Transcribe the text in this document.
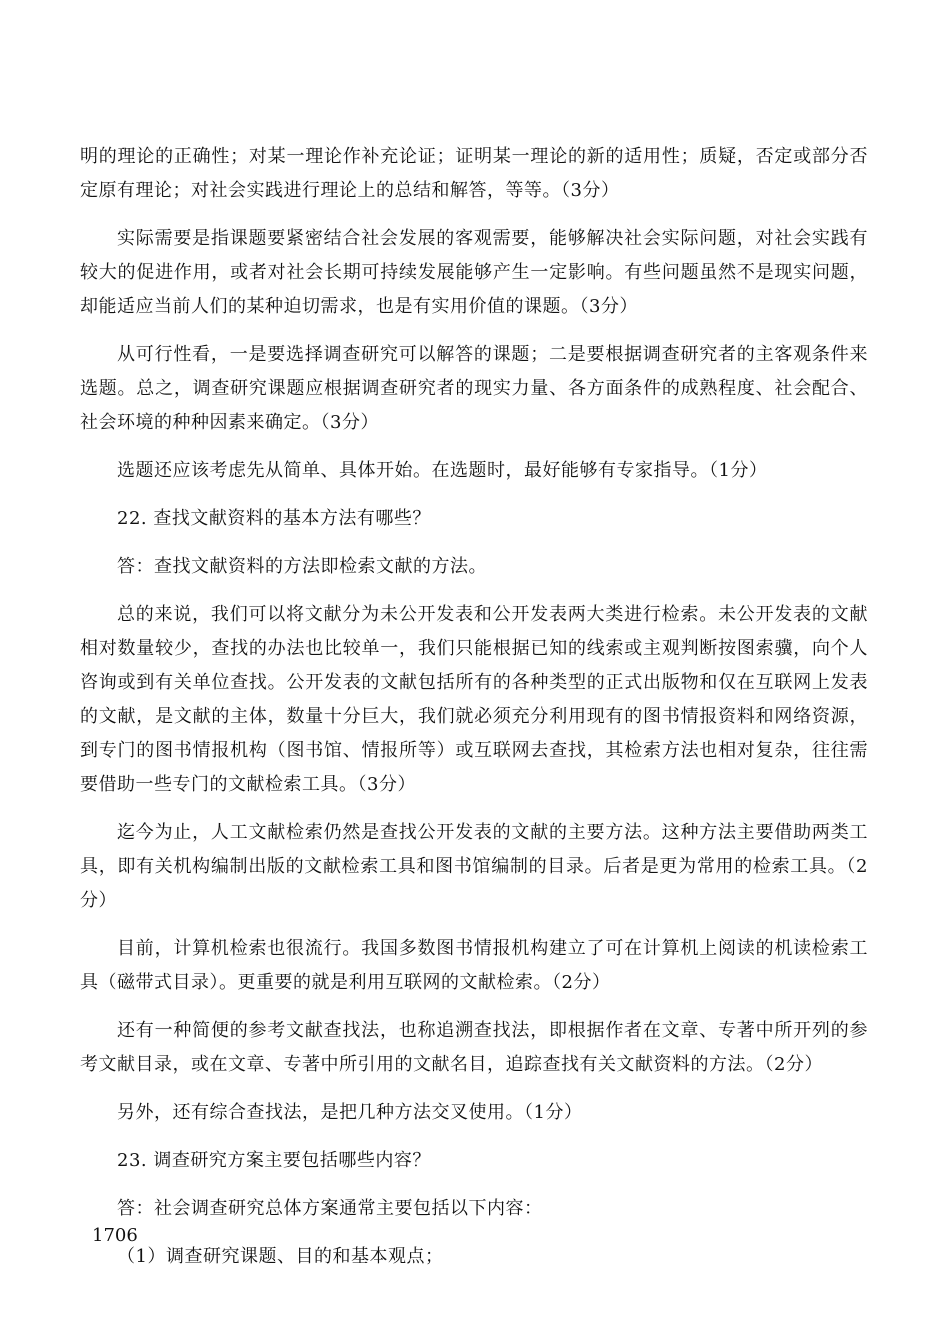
明的理论的正确性；对某一理论作补充论证；证明某一理论的新的适用性；质疑，否定或部分否定原有理论；对社会实践进行理论上的总结和解答，等等。（3分）

实际需要是指课题要紧密结合社会发展的客观需要，能够解决社会实际问题，对社会实践有较大的促进作用，或者对社会长期可持续发展能够产生一定影响。有些问题虽然不是现实问题，却能适应当前人们的某种迫切需求，也是有实用价值的课题。（3分）

从可行性看，一是要选择调查研究可以解答的课题；二是要根据调查研究者的主客观条件来选题。总之，调查研究课题应根据调查研究者的现实力量、各方面条件的成熟程度、社会配合、社会环境的种种因素来确定。（3分）

选题还应该考虑先从简单、具体开始。在选题时，最好能够有专家指导。（1分）

22. 查找文献资料的基本方法有哪些？

答：查找文献资料的方法即检索文献的方法。

总的来说，我们可以将文献分为未公开发表和公开发表两大类进行检索。未公开发表的文献相对数量较少，查找的办法也比较单一，我们只能根据已知的线索或主观判断按图索骥，向个人咨询或到有关单位查找。公开发表的文献包括所有的各种类型的正式出版物和仅在互联网上发表的文献，是文献的主体，数量十分巨大，我们就必须充分利用现有的图书情报资料和网络资源，到专门的图书情报机构（图书馆、情报所等）或互联网去查找，其检索方法也相对复杂，往往需要借助一些专门的文献检索工具。（3分）

迄今为止，人工文献检索仍然是查找公开发表的文献的主要方法。这种方法主要借助两类工具，即有关机构编制出版的文献检索工具和图书馆编制的目录。后者是更为常用的检索工具。（2分）

目前，计算机检索也很流行。我国多数图书情报机构建立了可在计算机上阅读的机读检索工具（磁带式目录）。更重要的就是利用互联网的文献检索。（2分）

还有一种简便的参考文献查找法，也称追溯查找法，即根据作者在文章、专著中所开列的参考文献目录，或在文章、专著中所引用的文献名目，追踪查找有关文献资料的方法。（2分）

另外，还有综合查找法，是把几种方法交叉使用。（1分）

23. 调查研究方案主要包括哪些内容？

答：社会调查研究总体方案通常主要包括以下内容：

（1）调查研究课题、目的和基本观点；

1706
